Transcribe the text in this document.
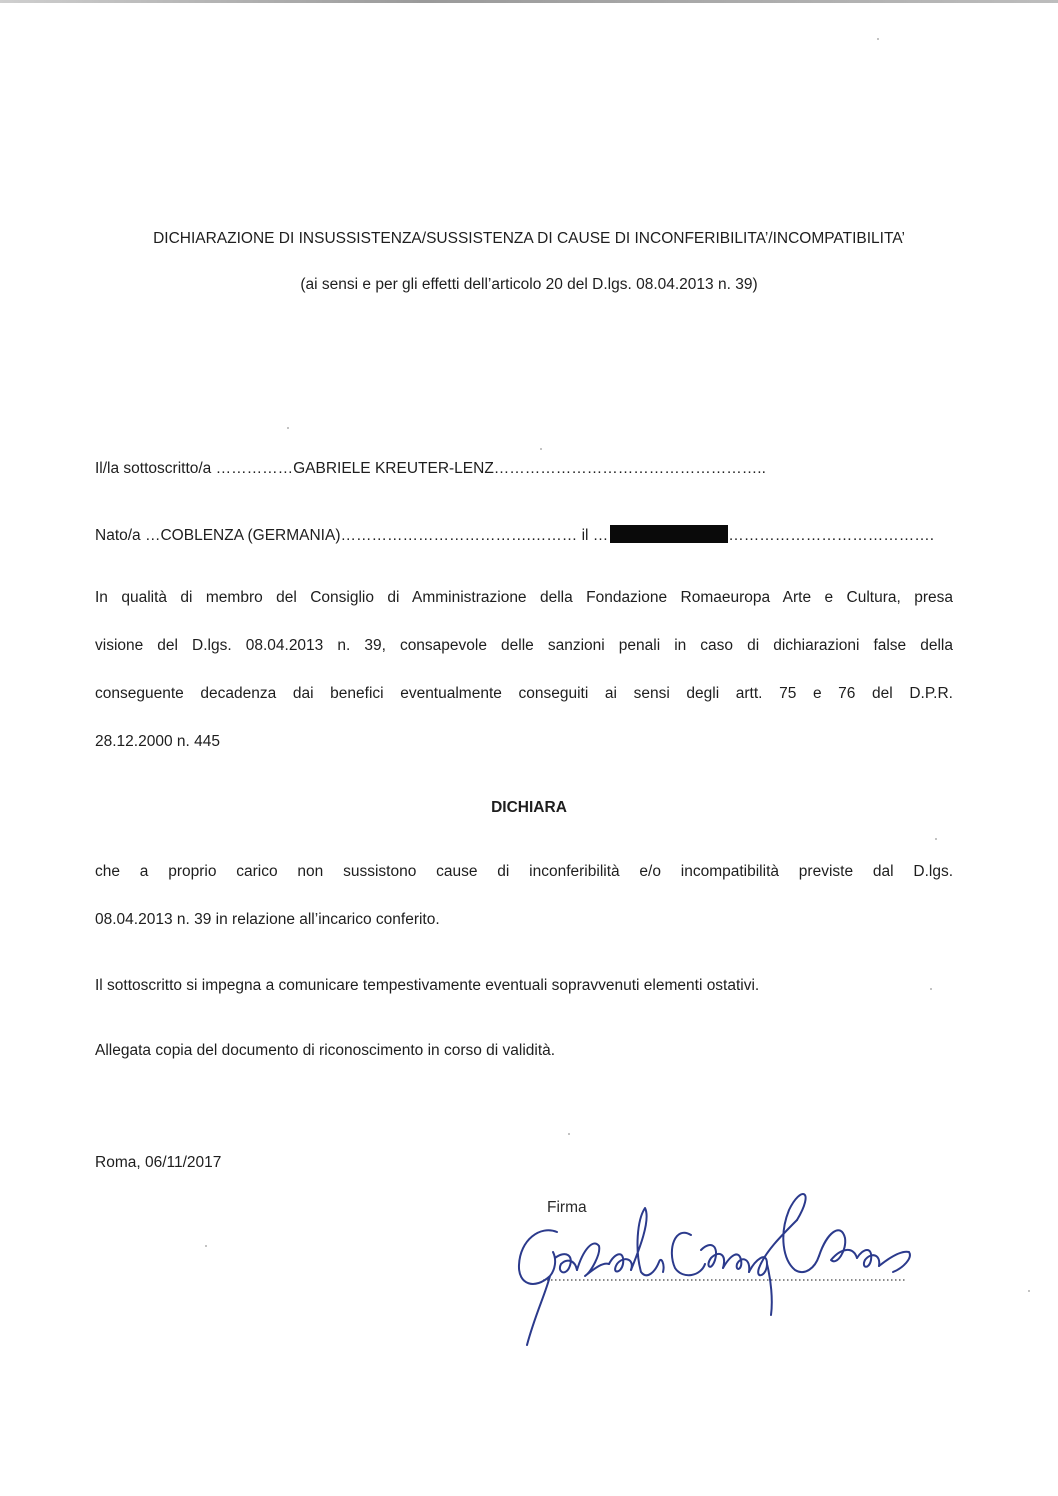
DICHIARAZIONE DI INSUSSISTENZA/SUSSISTENZA DI CAUSE DI INCONFERIBILITA’/INCOMPATIBILITA’
(ai sensi e per gli effetti dell’articolo 20 del D.lgs. 08.04.2013 n. 39)
Il/la sottoscritto/a ……………GABRIELE KREUTER-LENZ……………………………………………..
Nato/a …COBLENZA (GERMANIA)……………………………….……… il …	………………………………….
In qualità di membro del Consiglio di Amministrazione della Fondazione Romaeuropa Arte e Cultura, presa
visione del D.lgs. 08.04.2013 n. 39, consapevole delle sanzioni penali in caso di dichiarazioni false della
conseguente decadenza dai benefici eventualmente conseguiti ai sensi degli artt. 75 e 76 del D.P.R.
28.12.2000 n. 445
DICHIARA
che a proprio carico non sussistono cause di inconferibilità e/o incompatibilità previste dal D.lgs.
08.04.2013 n. 39 in relazione all’incarico conferito.
Il sottoscritto si impegna a comunicare tempestivamente eventuali sopravvenuti elementi ostativi.
Allegata copia del documento di riconoscimento in corso di validità.
Roma, 06/11/2017
Firma
